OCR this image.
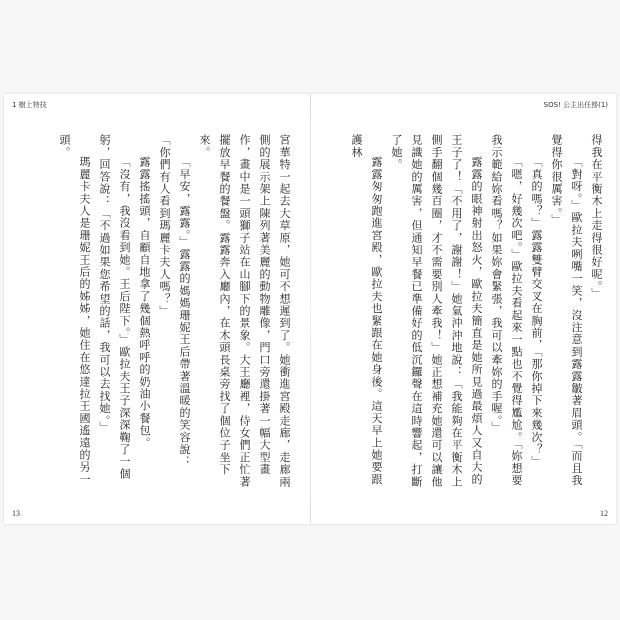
1 樹上特技

宮華特一起去大草原，她可不想遲到了。她衝進宮殿走廊，走廊兩側的展示架上陳列著美麗的動物雕像，門口旁還掛著一幅大型畫作，畫中是一頭獅子站在山腳下的景象。大王廳裡，侍女們正忙著擺放早餐的餐盤。露露奔入廳內，在木頭長桌旁找了個位子坐下來。

「早安，露露。」露露的媽媽珊妮王后帶著溫暖的笑容說：「你們有人看到瑪麗卡夫人嗎？」

露露搖搖頭，自顧自地拿了幾個熱呼呼的奶油小餐包。

「沒有，我沒看到她。王后陛下。」歐拉夫王子深深鞠了一個躬，回答說：「不過如果您希望的話，我可以去找她。」

瑪麗卡夫人是珊妮王后的姊姊，她住在悠達拉王國遙遠的另一頭。

13
SOS! 公主出任務(1)

得我在平衡木上走得很好呢。」

「對呀。」歐拉夫咧嘴一笑，沒注意到露露皺著眉頭。「而且我覺得你很厲害。」

「真的嗎？」露露雙臂交叉在胸前，「那你掉下來幾次？」

「嗯，好幾次吧。」歐拉夫看起來一點也不覺得尷尬。「妳想要我示範給妳看嗎？如果妳會緊張，我可以牽妳的手喔。」

露露的眼神射出怒火，歐拉夫簡直是她所見過最煩人又自大的王子了！「不用了，謝謝！」她氣沖沖地說：「我能夠在平衡木上側手翻個幾百圈，才不需要別人牽我！」她正想補充她還可以讓他見識她的厲害，但通知早餐已準備好的低沉鑼聲在這時響起，打斷了她。

露露匆匆跑進宮殿，歐拉夫也緊跟在她身後。這天早上她要跟護林

12
